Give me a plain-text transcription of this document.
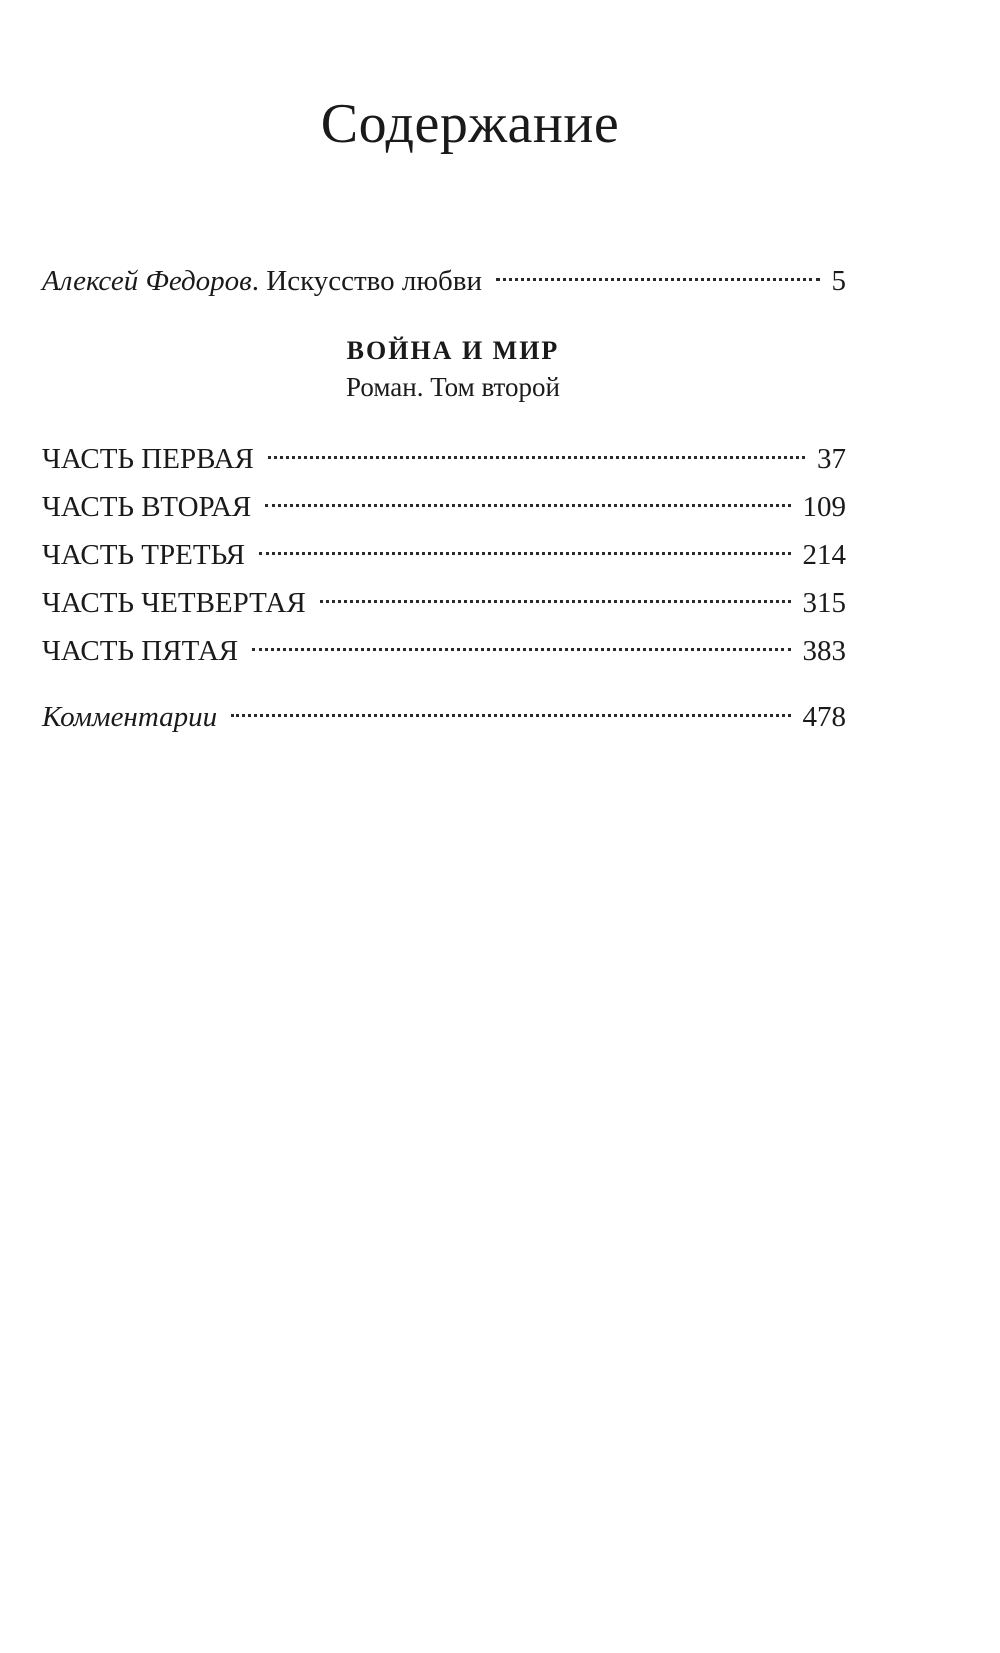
Содержание
Алексей Федоров. Искусство любви	5
ВОЙНА И МИР
Роман. Том второй
ЧАСТЬ ПЕРВАЯ	37
ЧАСТЬ ВТОРАЯ	109
ЧАСТЬ ТРЕТЬЯ	214
ЧАСТЬ ЧЕТВЕРТАЯ	315
ЧАСТЬ ПЯТАЯ	383
Комментарии	478
